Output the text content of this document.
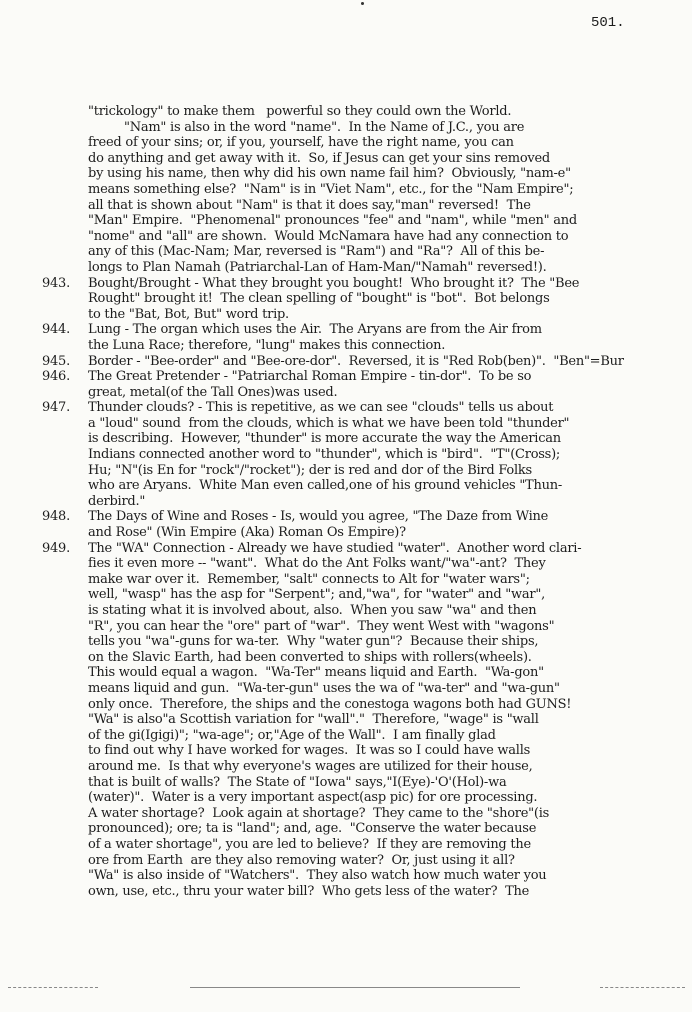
501.
"trickology" to make them   powerful so they could own the World.
"Nam" is also in the word "name".  In the Name of J.C., you are
freed of your sins; or, if you, yourself, have the right name, you can
do anything and get away with it.  So, if Jesus can get your sins removed
by using his name, then why did his own name fail him?  Obviously, "nam-e"
means something else?  "Nam" is in "Viet Nam", etc., for the "Nam Empire";
all that is shown about "Nam" is that it does say,"man" reversed!  The
"Man" Empire.  "Phenomenal" pronounces "fee" and "nam", while "men" and
"nome" and "all" are shown.  Would McNamara have had any connection to
any of this (Mac-Nam; Mar, reversed is "Ram") and "Ra"?  All of this be-
longs to Plan Namah (Patriarchal-Lan of Ham-Man/"Namah" reversed!).
943. Bought/Brought - What they brought you bought!  Who brought it?  The "Bee
Rought" brought it!  The clean spelling of "bought" is "bot".  Bot belongs
to the "Bat, Bot, But" word trip.
944. Lung - The organ which uses the Air.  The Aryans are from the Air from
the Luna Race; therefore, "lung" makes this connection.
945. Border - "Bee-order" and "Bee-ore-dor".  Reversed, it is "Red Rob(ben)".  "Ben"=Bur
946. The Great Pretender - "Patriarchal Roman Empire - tin-dor".  To be so
great, metal(of the Tall Ones)was used.
947. Thunder clouds? - This is repetitive, as we can see "clouds" tells us about
a "loud" sound  from the clouds, which is what we have been told "thunder"
is describing.  However, "thunder" is more accurate the way the American
Indians connected another word to "thunder", which is "bird".  "T"(Cross);
Hu; "N"(is En for "rock"/"rocket"); der is red and dor of the Bird Folks
who are Aryans.  White Man even called,one of his ground vehicles "Thun-
derbird."
948. The Days of Wine and Roses - Is, would you agree, "The Daze from Wine
and Rose" (Win Empire (Aka) Roman Os Empire)?
949. The "WA" Connection - Already we have studied "water".  Another word clari-
fies it even more -- "want".  What do the Ant Folks want/"wa"-ant?  They
make war over it.  Remember, "salt" connects to Alt for "water wars";
well, "wasp" has the asp for "Serpent"; and,"wa", for "water" and "war",
is stating what it is involved about, also.  When you saw "wa" and then
"R", you can hear the "ore" part of "war".  They went West with "wagons"
tells you "wa"-guns for wa-ter.  Why "water gun"?  Because their ships,
on the Slavic Earth, had been converted to ships with rollers(wheels).
This would equal a wagon.  "Wa-Ter" means liquid and Earth.  "Wa-gon"
means liquid and gun.  "Wa-ter-gun" uses the wa of "wa-ter" and "wa-gun"
only once.  Therefore, the ships and the conestoga wagons both had GUNS!
"Wa" is also"a Scottish variation for "wall"."  Therefore, "wage" is "wall
of the gi(Igigi)"; "wa-age"; or,"Age of the Wall".  I am finally glad
to find out why I have worked for wages.  It was so I could have walls
around me.  Is that why everyone's wages are utilized for their house,
that is built of walls?  The State of "Iowa" says,"I(Eye)-'O'(Hol)-wa
(water)".  Water is a very important aspect(asp pic) for ore processing.
A water shortage?  Look again at shortage?  They came to the "shore"(is
pronounced); ore; ta is "land"; and, age.  "Conserve the water because
of a water shortage", you are led to believe?  If they are removing the
ore from Earth  are they also removing water?  Or, just using it all?
"Wa" is also inside of "Watchers".  They also watch how much water you
own, use, etc., thru your water bill?  Who gets less of the water?  The
